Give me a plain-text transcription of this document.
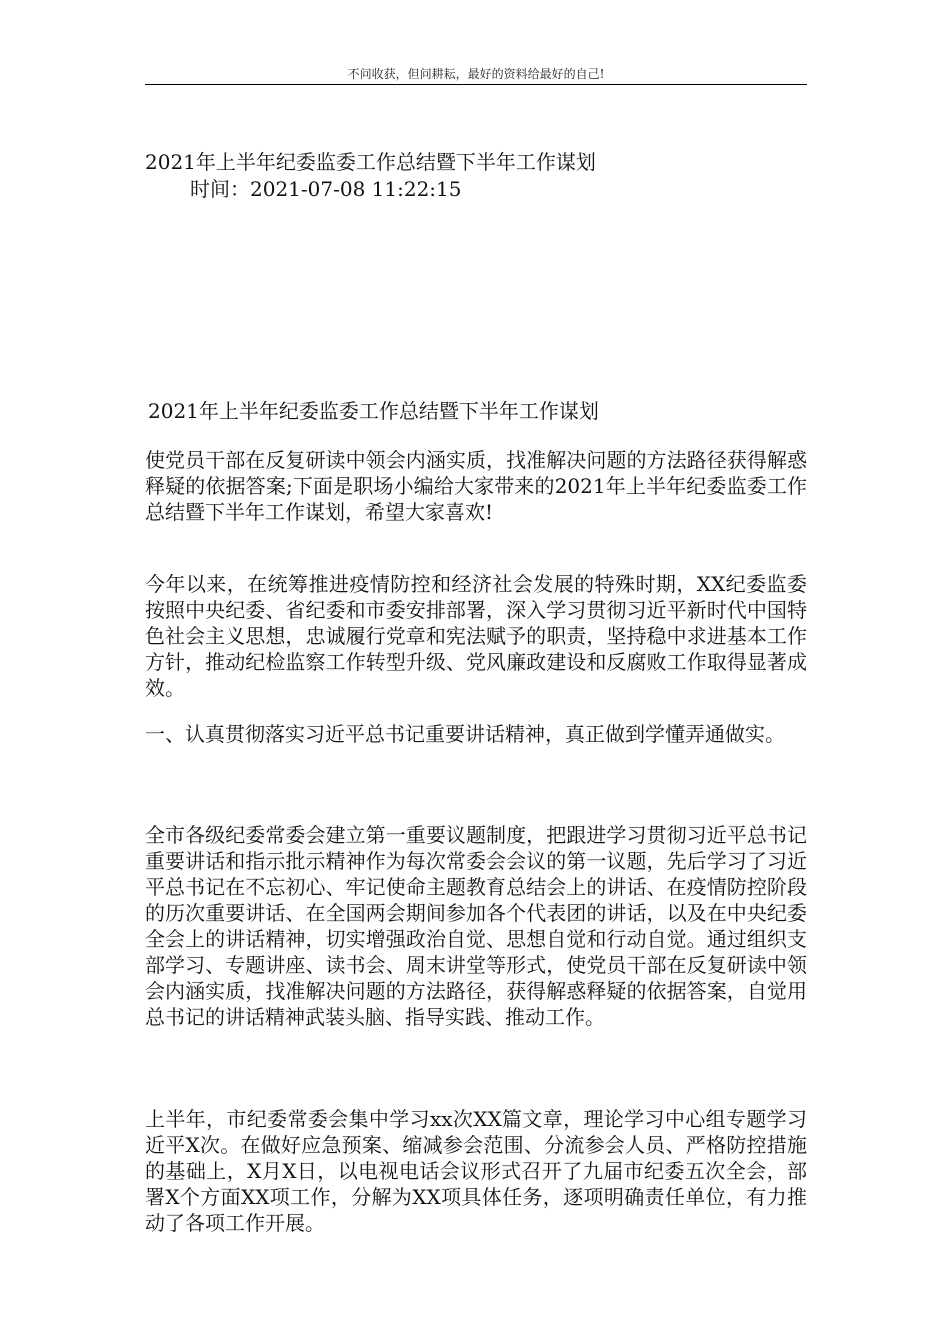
不问收获，但问耕耘，最好的资料给最好的自己!
2021年上半年纪委监委工作总结暨下半年工作谋划
时间：2021-07-08 11:22:15
2021年上半年纪委监委工作总结暨下半年工作谋划

使党员干部在反复研读中领会内涵实质，找准解决问题的方法路径获得解惑释疑的依据答案;下面是职场小编给大家带来的2021年上半年纪委监委工作总结暨下半年工作谋划，希望大家喜欢!

今年以来，在统筹推进疫情防控和经济社会发展的特殊时期，XX纪委监委按照中央纪委、省纪委和市委安排部署，深入学习贯彻习近平新时代中国特色社会主义思想，忠诚履行党章和宪法赋予的职责，坚持稳中求进基本工作方针，推动纪检监察工作转型升级、党风廉政建设和反腐败工作取得显著成效。

一、认真贯彻落实习近平总书记重要讲话精神，真正做到学懂弄通做实。

全市各级纪委常委会建立第一重要议题制度，把跟进学习贯彻习近平总书记重要讲话和指示批示精神作为每次常委会会议的第一议题，先后学习了习近平总书记在不忘初心、牢记使命主题教育总结会上的讲话、在疫情防控阶段的历次重要讲话、在全国两会期间参加各个代表团的讲话，以及在中央纪委全会上的讲话精神，切实增强政治自觉、思想自觉和行动自觉。通过组织支部学习、专题讲座、读书会、周末讲堂等形式，使党员干部在反复研读中领会内涵实质，找准解决问题的方法路径，获得解惑释疑的依据答案，自觉用总书记的讲话精神武装头脑、指导实践、推动工作。

上半年，市纪委常委会集中学习xx次XX篇文章，理论学习中心组专题学习近平X次。在做好应急预案、缩减参会范围、分流参会人员、严格防控措施的基础上，X月X日，以电视电话会议形式召开了九届市纪委五次全会，部署X个方面XX项工作，分解为XX项具体任务，逐项明确责任单位，有力推动了各项工作开展。
